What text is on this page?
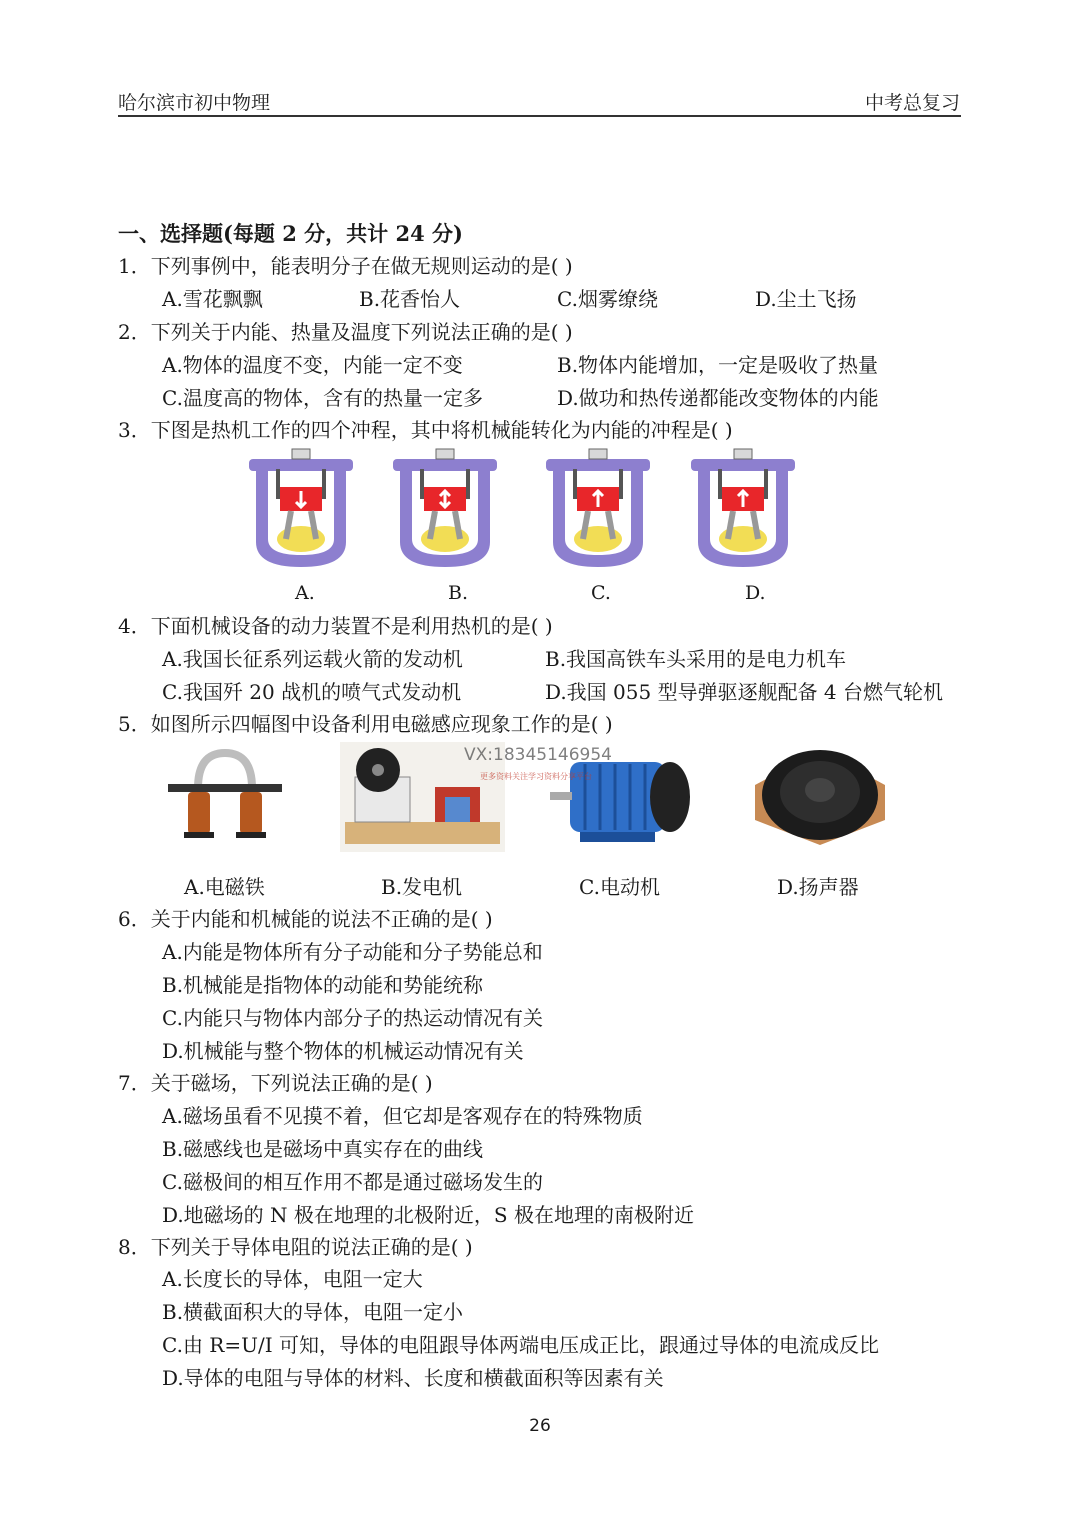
哈尔滨市初中物理	中考总复习
一、选择题(每题 2 分，共计 24 分)
1．下列事例中，能表明分子在做无规则运动的是( )
A.雪花飘飘	B.花香怡人	C.烟雾缭绕	D.尘土飞扬
2．下列关于内能、热量及温度下列说法正确的是( )
A.物体的温度不变，内能一定不变	B.物体内能增加，一定是吸收了热量
C.温度高的物体，含有的热量一定多	D.做功和热传递都能改变物体的内能
3．下图是热机工作的四个冲程，其中将机械能转化为内能的冲程是( )
A.	B.	C.	D.
4．下面机械设备的动力装置不是利用热机的是( )
A.我国长征系列运载火箭的发动机	B.我国高铁车头采用的是电力机车
C.我国歼 20 战机的喷气式发动机	D.我国 055 型导弹驱逐舰配备 4 台燃气轮机
5．如图所示四幅图中设备利用电磁感应现象工作的是( )
VX:18345146954
更多资料关注学习资料分享平台
A.电磁铁	B.发电机	C.电动机	D.扬声器
6．关于内能和机械能的说法不正确的是( )
A.内能是物体所有分子动能和分子势能总和
B.机械能是指物体的动能和势能统称
C.内能只与物体内部分子的热运动情况有关
D.机械能与整个物体的机械运动情况有关
7．关于磁场，下列说法正确的是( )
A.磁场虽看不见摸不着，但它却是客观存在的特殊物质
B.磁感线也是磁场中真实存在的曲线
C.磁极间的相互作用不都是通过磁场发生的
D.地磁场的 N 极在地理的北极附近，S 极在地理的南极附近
8．下列关于导体电阻的说法正确的是( )
A.长度长的导体，电阻一定大
B.横截面积大的导体，电阻一定小
C.由 R=U/I 可知，导体的电阻跟导体两端电压成正比，跟通过导体的电流成反比
D.导体的电阻与导体的材料、长度和横截面积等因素有关
26
